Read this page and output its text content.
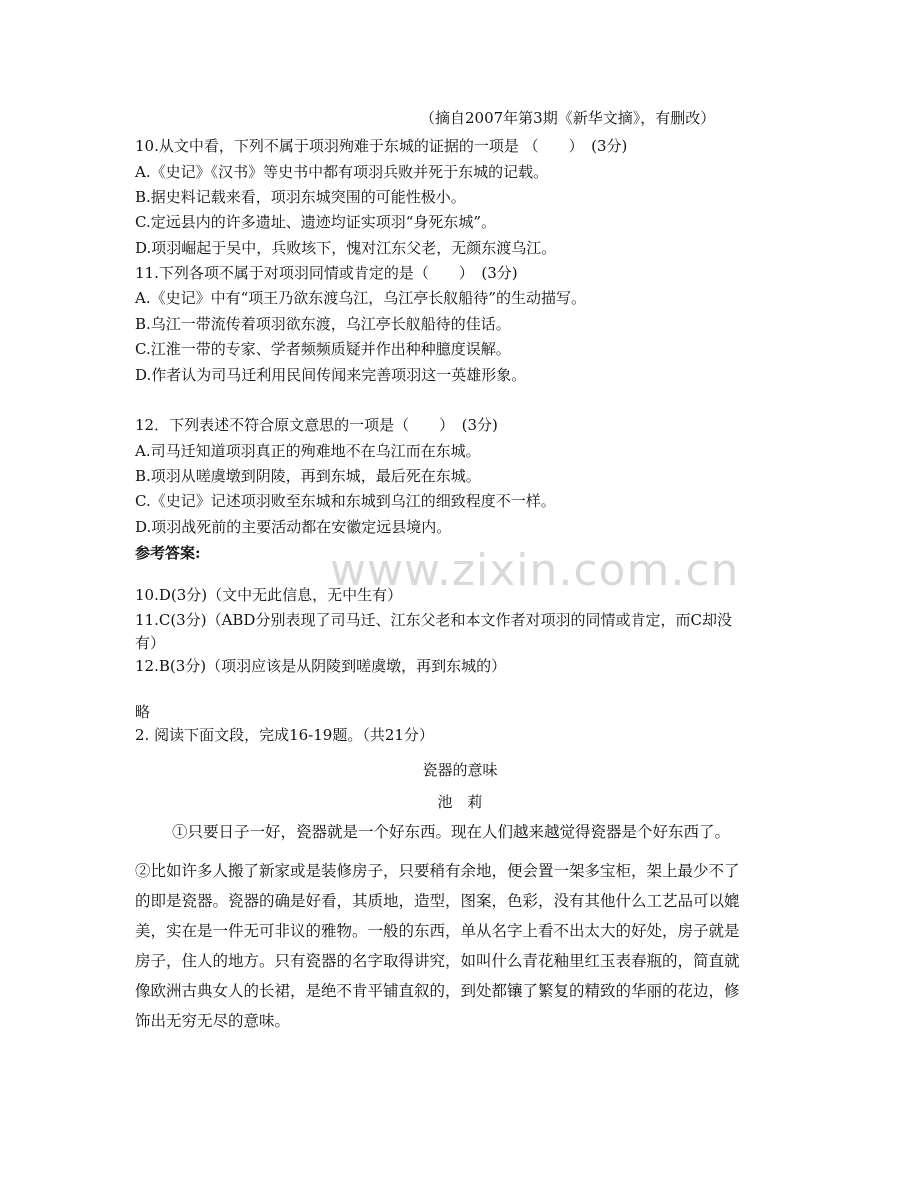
www.zixin.com.cn
（摘自2007年第3期《新华文摘》，有删改）
10.从文中看，下列不属于项羽殉难于东城的证据的一项是 （　　）　(3分)
A.《史记》《汉书》等史书中都有项羽兵败并死于东城的记载。
B.据史料记载来看，项羽东城突围的可能性极小。
C.定远县内的许多遗址、遗迹均证实项羽“身死东城”。
D.项羽崛起于吴中，兵败垓下，愧对江东父老，无颜东渡乌江。
11.下列各项不属于对项羽同情或肯定的是（　　）　(3分)
A.《史记》中有“项王乃欲东渡乌江，乌江亭长舣船待”的生动描写。
B.乌江一带流传着项羽欲东渡，乌江亭长舣船待的佳话。
C.江淮一带的专家、学者频频质疑并作出种种臆度误解。
D.作者认为司马迁利用民间传闻来完善项羽这一英雄形象。
12．下列表述不符合原文意思的一项是（　　）　(3分)
A.司马迁知道项羽真正的殉难地不在乌江而在东城。
B.项羽从嗟虞墩到阴陵，再到东城，最后死在东城。
C.《史记》记述项羽败至东城和东城到乌江的细致程度不一样。
D.项羽战死前的主要活动都在安徽定远县境内。
参考答案:
10.D(3分)（文中无此信息，无中生有）
11.C(3分)（ABD分别表现了司马迁、江东父老和本文作者对项羽的同情或肯定，而C却没
有）
12.B(3分)（项羽应该是从阴陵到嗟虞墩，再到东城的）
略
2. 阅读下面文段，完成16-19题。（共21分）
瓷器的意味
池　莉
①只要日子一好，瓷器就是一个好东西。现在人们越来越觉得瓷器是个好东西了。
②比如许多人搬了新家或是装修房子，只要稍有余地，便会置一架多宝柜，架上最少不了
的即是瓷器。瓷器的确是好看，其质地，造型，图案，色彩，没有其他什么工艺品可以媲
美，实在是一件无可非议的雅物。一般的东西，单从名字上看不出太大的好处，房子就是
房子，住人的地方。只有瓷器的名字取得讲究，如叫什么青花釉里红玉表春瓶的，简直就
像欧洲古典女人的长裙，是绝不肯平铺直叙的，到处都镶了繁复的精致的华丽的花边，修
饰出无穷无尽的意味。
